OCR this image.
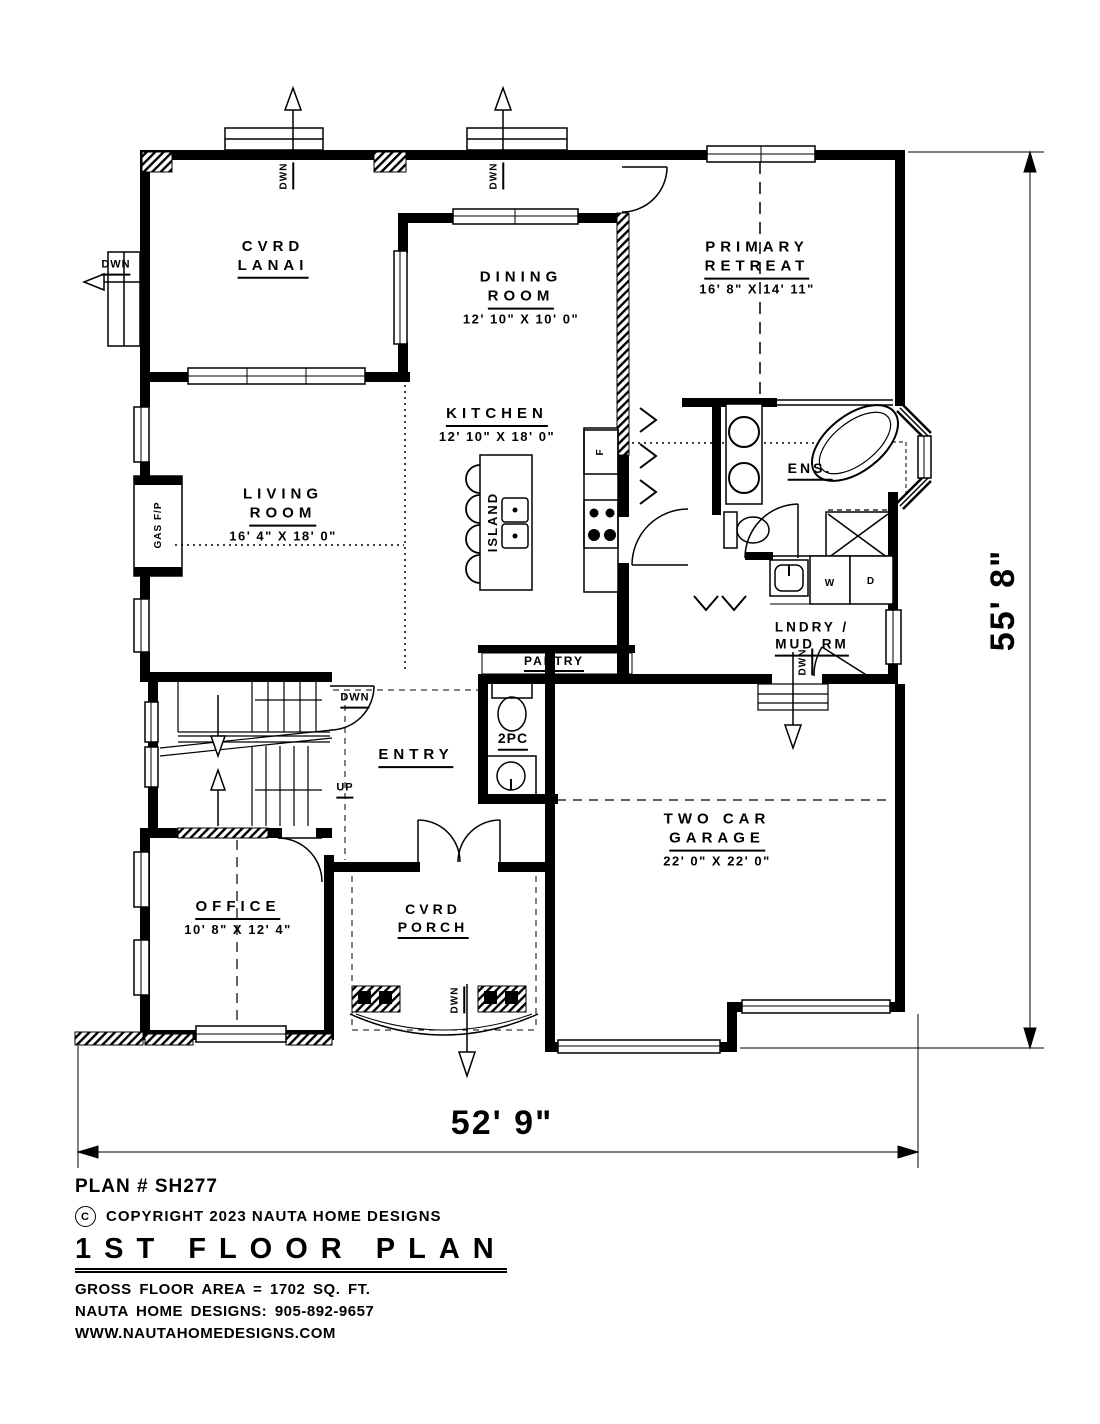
CVRD
LANAI
DINING
ROOM
12' 10" X 10' 0"
PRIMARY
RETREAT
16' 8" X 14' 11"
KITCHEN
12' 10" X 18' 0"
LIVING
ROOM
16' 4" X 18' 0"
ENS.
LNDRY /
MUD RM
PANTRY
2PC
ENTRY
TWO CAR
GARAGE
22' 0" X 22' 0"
OFFICE
10' 8" X 12' 4"
CVRD
PORCH
DWN	DWN
DWN
DWN
UP
DWN
DWN
GAS F/P	ISLAND
F
W	D
52' 9"
55' 8"
PLAN # SH277
C	COPYRIGHT 2023 NAUTA HOME DESIGNS
1ST FLOOR PLAN
GROSS FLOOR AREA = 1702 SQ. FT.
NAUTA HOME DESIGNS: 905-892-9657
WWW.NAUTAHOMEDESIGNS.COM
